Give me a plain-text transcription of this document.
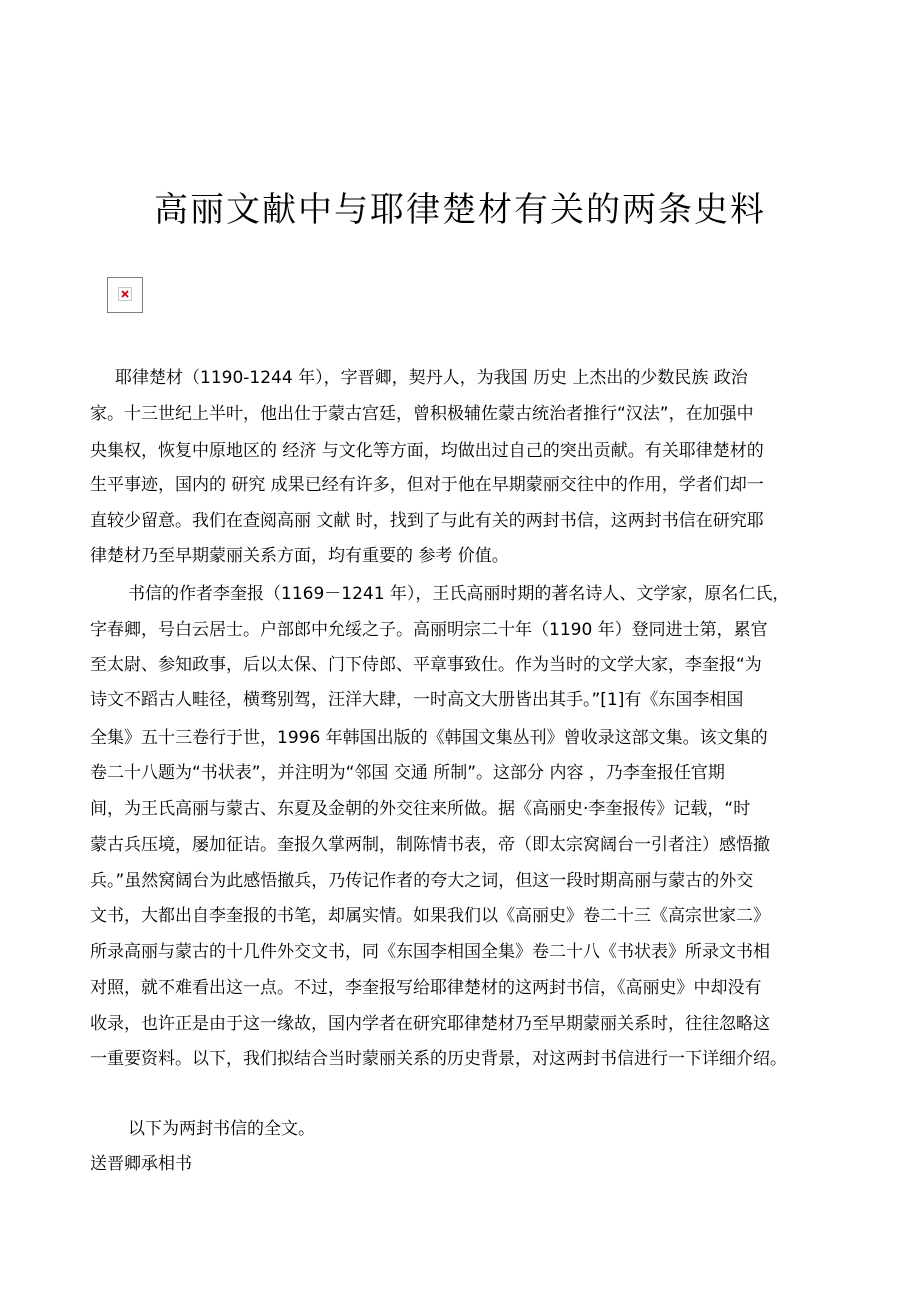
高丽文献中与耶律楚材有关的两条史料
耶律楚材（1190-1244 年），字晋卿，契丹人，为我国 历史 上杰出的少数民族 政治
家。十三世纪上半叶，他出仕于蒙古宫廷，曾积极辅佐蒙古统治者推行“汉法”，在加强中
央集权，恢复中原地区的 经济 与文化等方面，均做出过自己的突出贡献。有关耶律楚材的
生平事迹，国内的 研究 成果已经有许多，但对于他在早期蒙丽交往中的作用，学者们却一
直较少留意。我们在查阅高丽 文献 时，找到了与此有关的两封书信，这两封书信在研究耶
律楚材乃至早期蒙丽关系方面，均有重要的 参考 价值。
书信的作者李奎报（1169－1241 年），王氏高丽时期的著名诗人、文学家，原名仁氏，
字春卿，号白云居士。户部郎中允绥之子。高丽明宗二十年（1190 年）登同进士第，累官
至太尉、参知政事，后以太保、门下侍郎、平章事致仕。作为当时的文学大家，李奎报“为
诗文不蹈古人畦径，横骛别驾，汪洋大肆，一时高文大册皆出其手。”[1]有《东国李相国
全集》五十三卷行于世，1996 年韩国出版的《韩国文集丛刊》曾收录这部文集。该文集的
卷二十八题为“书状表”，并注明为“邻国 交通 所制”。这部分 内容 ，乃李奎报任官期
间，为王氏高丽与蒙古、东夏及金朝的外交往来所做。据《高丽史·李奎报传》记载，“时
蒙古兵压境，屡加征诘。奎报久掌两制，制陈情书表，帝（即太宗窝阔台一引者注）感悟撤
兵。”虽然窝阔台为此感悟撤兵，乃传记作者的夸大之词，但这一段时期高丽与蒙古的外交
文书，大都出自李奎报的书笔，却属实情。如果我们以《高丽史》卷二十三《高宗世家二》
所录高丽与蒙古的十几件外交文书，同《东国李相国全集》卷二十八《书状表》所录文书相
对照，就不难看出这一点。不过，李奎报写给耶律楚材的这两封书信，《高丽史》中却没有
收录，也许正是由于这一缘故，国内学者在研究耶律楚材乃至早期蒙丽关系时，往往忽略这
一重要资料。以下，我们拟结合当时蒙丽关系的历史背景，对这两封书信进行一下详细介绍。
以下为两封书信的全文。
送晋卿承相书
